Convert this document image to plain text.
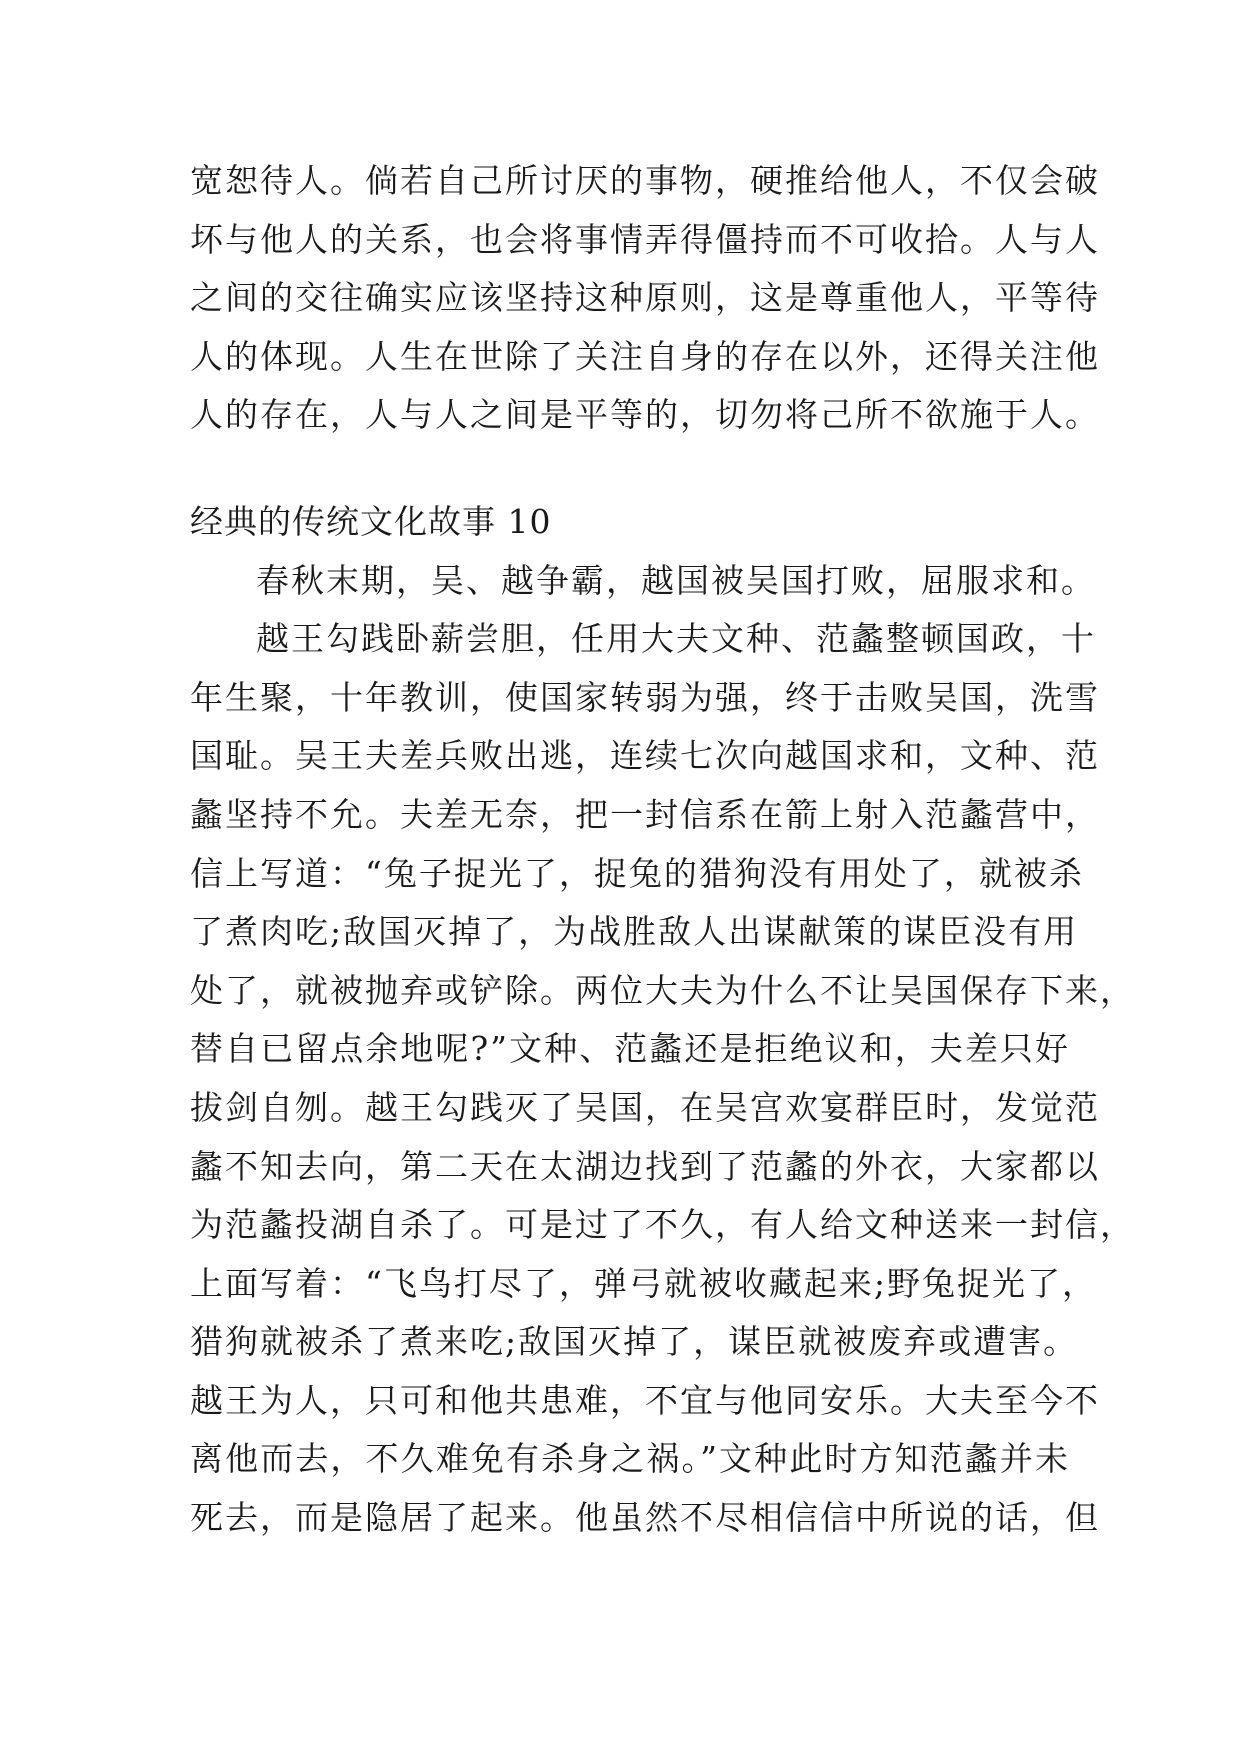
宽恕待人。倘若自己所讨厌的事物，硬推给他人，不仅会破
坏与他人的关系，也会将事情弄得僵持而不可收拾。人与人
之间的交往确实应该坚持这种原则，这是尊重他人，平等待
人的体现。人生在世除了关注自身的存在以外，还得关注他
人的存在，人与人之间是平等的，切勿将己所不欲施于人。
经典的传统文化故事 10
春秋末期，吴、越争霸，越国被吴国打败，屈服求和。
越王勾践卧薪尝胆，任用大夫文种、范蠡整顿国政，十
年生聚，十年教训，使国家转弱为强，终于击败吴国，洗雪
国耻。吴王夫差兵败出逃，连续七次向越国求和，文种、范
蠡坚持不允。夫差无奈，把一封信系在箭上射入范蠡营中，
信上写道：“兔子捉光了，捉兔的猎狗没有用处了，就被杀
了煮肉吃;敌国灭掉了，为战胜敌人出谋献策的谋臣没有用
处了，就被抛弃或铲除。两位大夫为什么不让吴国保存下来，
替自已留点余地呢?”文种、范蠡还是拒绝议和，夫差只好
拔剑自刎。越王勾践灭了吴国，在吴宫欢宴群臣时，发觉范
蠡不知去向，第二天在太湖边找到了范蠡的外衣，大家都以
为范蠡投湖自杀了。可是过了不久，有人给文种送来一封信，
上面写着：“飞鸟打尽了，弹弓就被收藏起来;野兔捉光了，
猎狗就被杀了煮来吃;敌国灭掉了，谋臣就被废弃或遭害。
越王为人，只可和他共患难，不宜与他同安乐。大夫至今不
离他而去，不久难免有杀身之祸。”文种此时方知范蠡并未
死去，而是隐居了起来。他虽然不尽相信信中所说的话，但
